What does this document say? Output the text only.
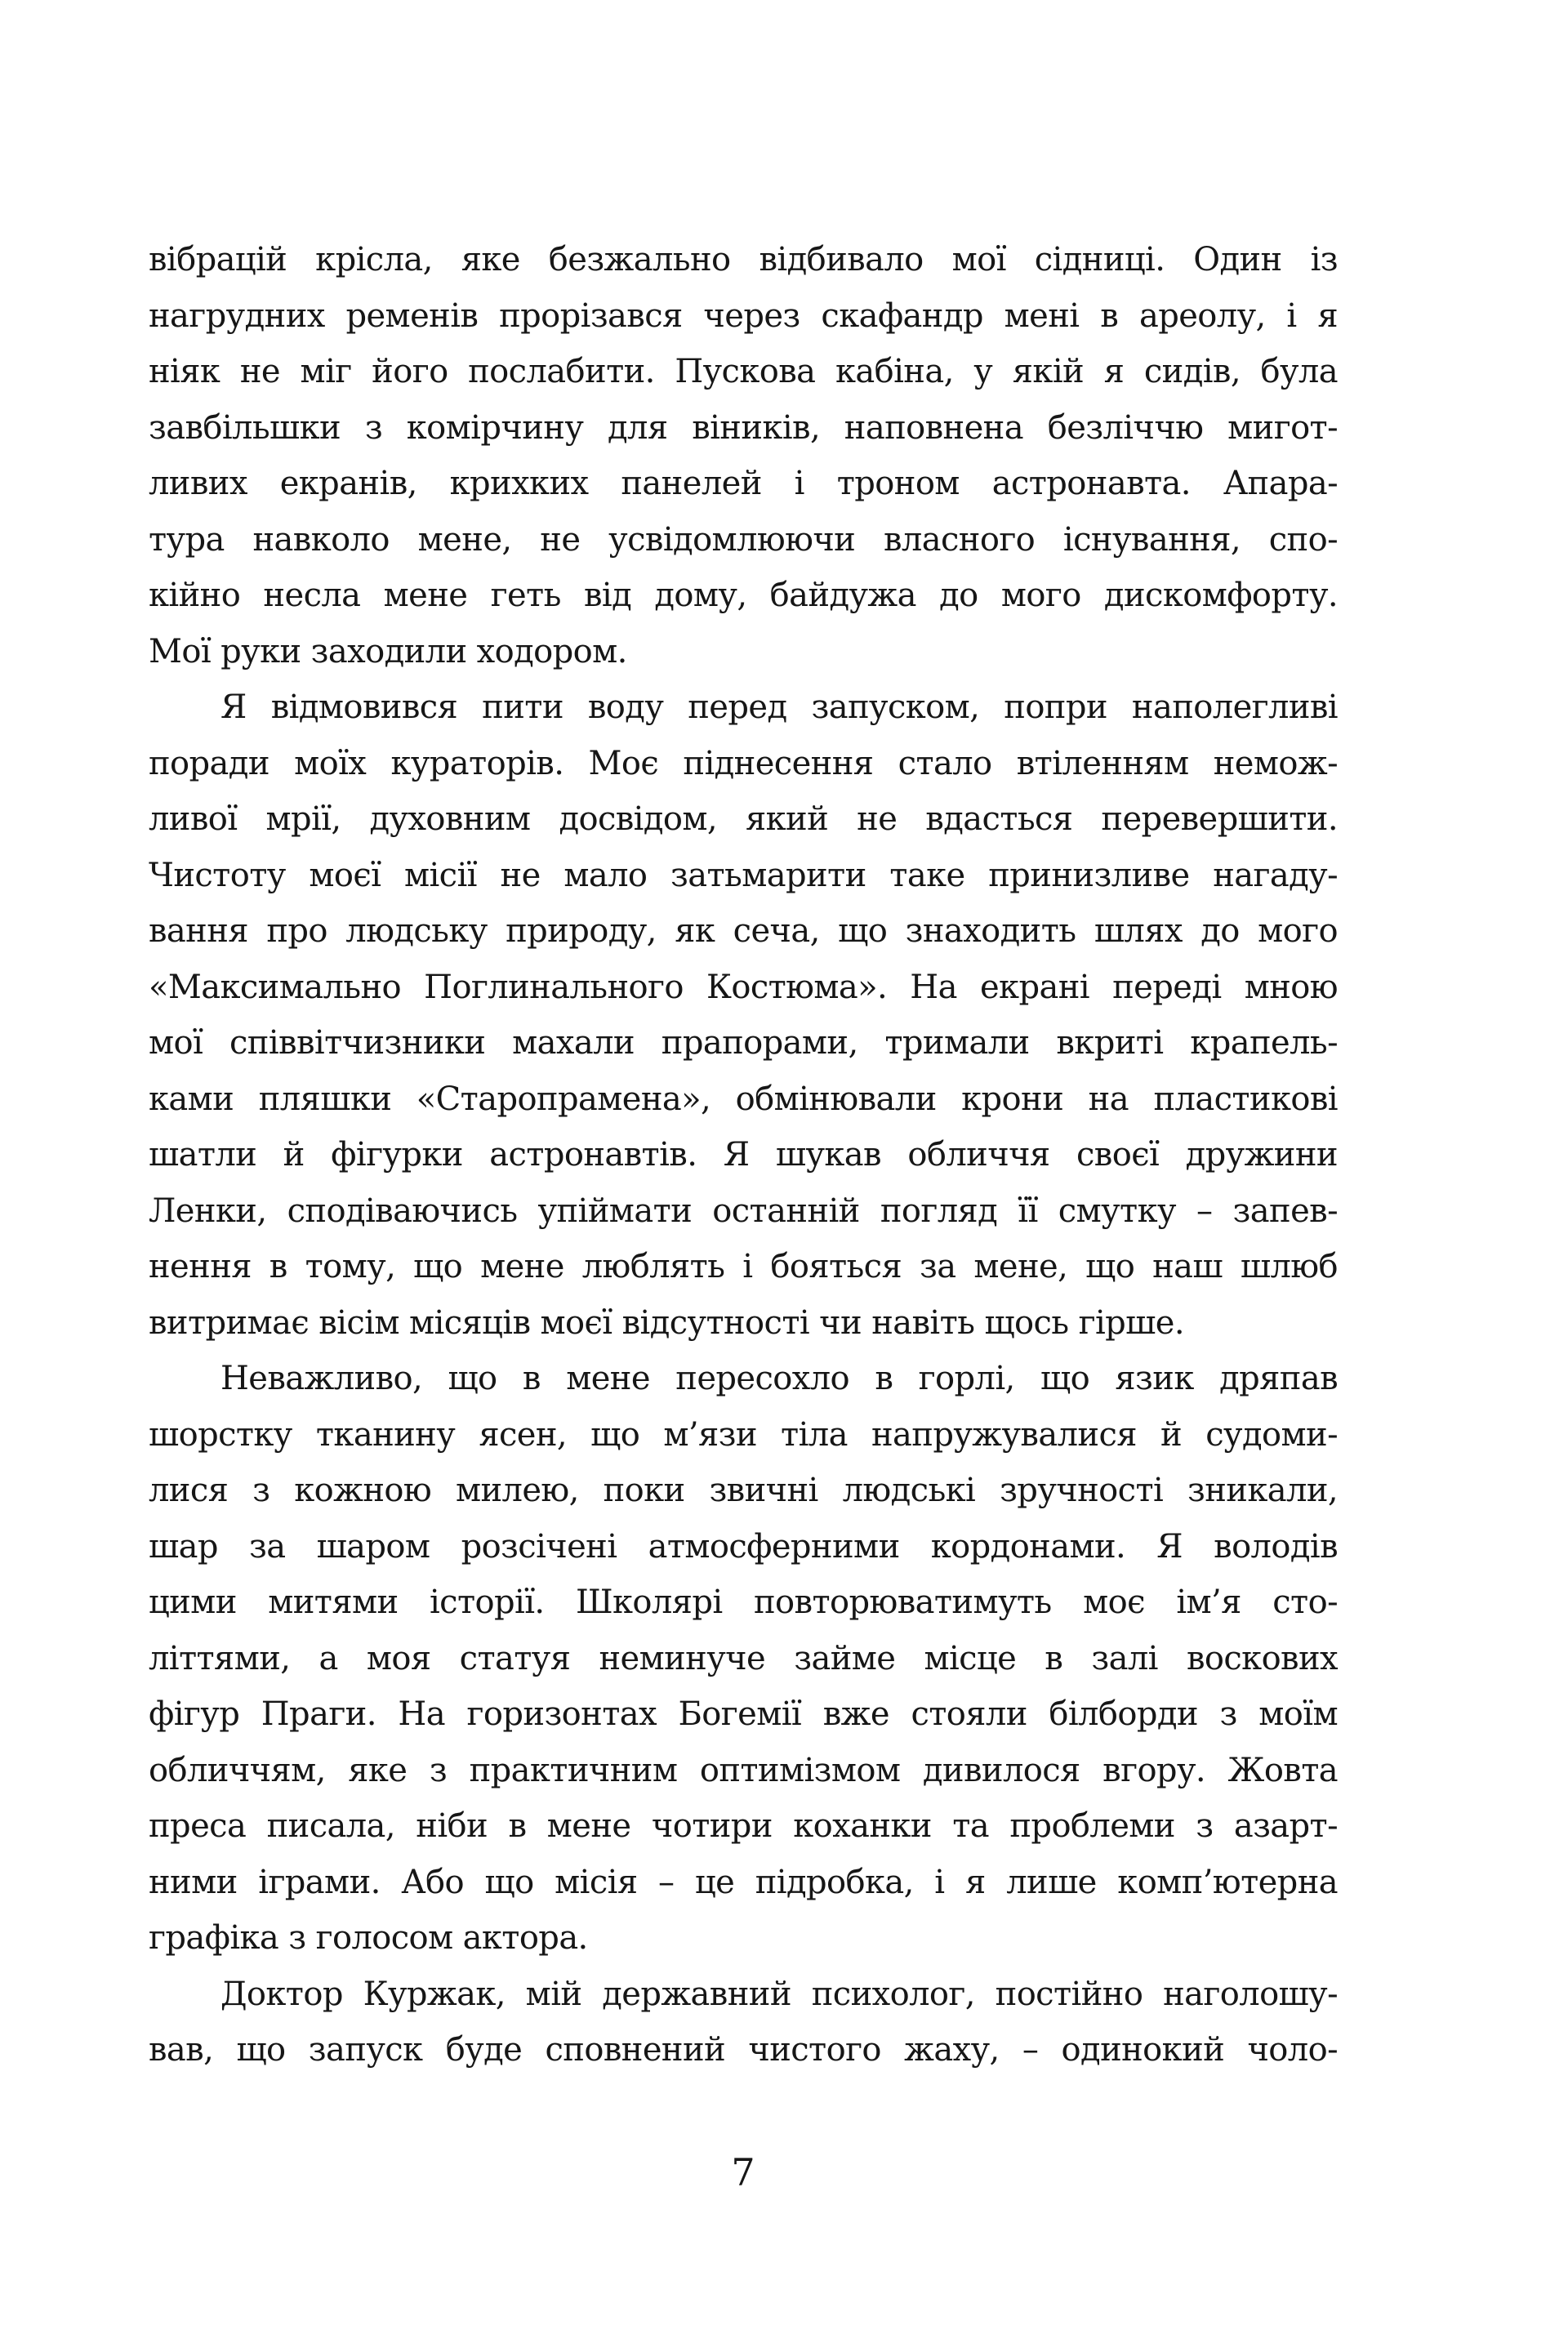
вібрацій крісла, яке безжально відбивало мої сідниці. Один із
нагрудних ременів прорізався через скафандр мені в ареолу, і я
ніяк не міг його послабити. Пускова кабіна, у якій я сидів, була
завбільшки з комірчину для віників, наповнена безліччю мигот-
ливих екранів, крихких панелей і троном астронавта. Апара-
тура навколо мене, не усвідомлюючи власного існування, спо-
кійно несла мене геть від дому, байдужа до мого дискомфорту.
Мої руки заходили ходором.
Я відмовився пити воду перед запуском, попри наполегливі
поради моїх кураторів. Моє піднесення стало втіленням немож-
ливої мрії, духовним досвідом, який не вдасться перевершити.
Чистоту моєї місії не мало затьмарити таке принизливе нагаду-
вання про людську природу, як сеча, що знаходить шлях до мого
«Максимально Поглинального Костюма». На екрані переді мною
мої співвітчизники махали прапорами, тримали вкриті крапель-
ками пляшки «Старопрамена», обмінювали крони на пластикові
шатли й фігурки астронавтів. Я шукав обличчя своєї дружини
Ленки, сподіваючись упіймати останній погляд її смутку – запев-
нення в тому, що мене люблять і бояться за мене, що наш шлюб
витримає вісім місяців моєї відсутності чи навіть щось гірше.
Неважливо, що в мене пересохло в горлі, що язик дряпав
шорстку тканину ясен, що м’язи тіла напружувалися й судоми-
лися з кожною милею, поки звичні людські зручності зникали,
шар за шаром розсічені атмосферними кордонами. Я володів
цими митями історії. Школярі повторюватимуть моє ім’я сто-
літтями, а моя статуя неминуче займе місце в залі воскових
фігур Праги. На горизонтах Богемії вже стояли білборди з моїм
обличчям, яке з практичним оптимізмом дивилося вгору. Жовта
преса писала, ніби в мене чотири коханки та проблеми з азарт-
ними іграми. Або що місія – це підробка, і я лише комп’ютерна
графіка з голосом актора.
Доктор Куржак, мій державний психолог, постійно наголошу-
вав, що запуск буде сповнений чистого жаху, – одинокий чоло-
7
